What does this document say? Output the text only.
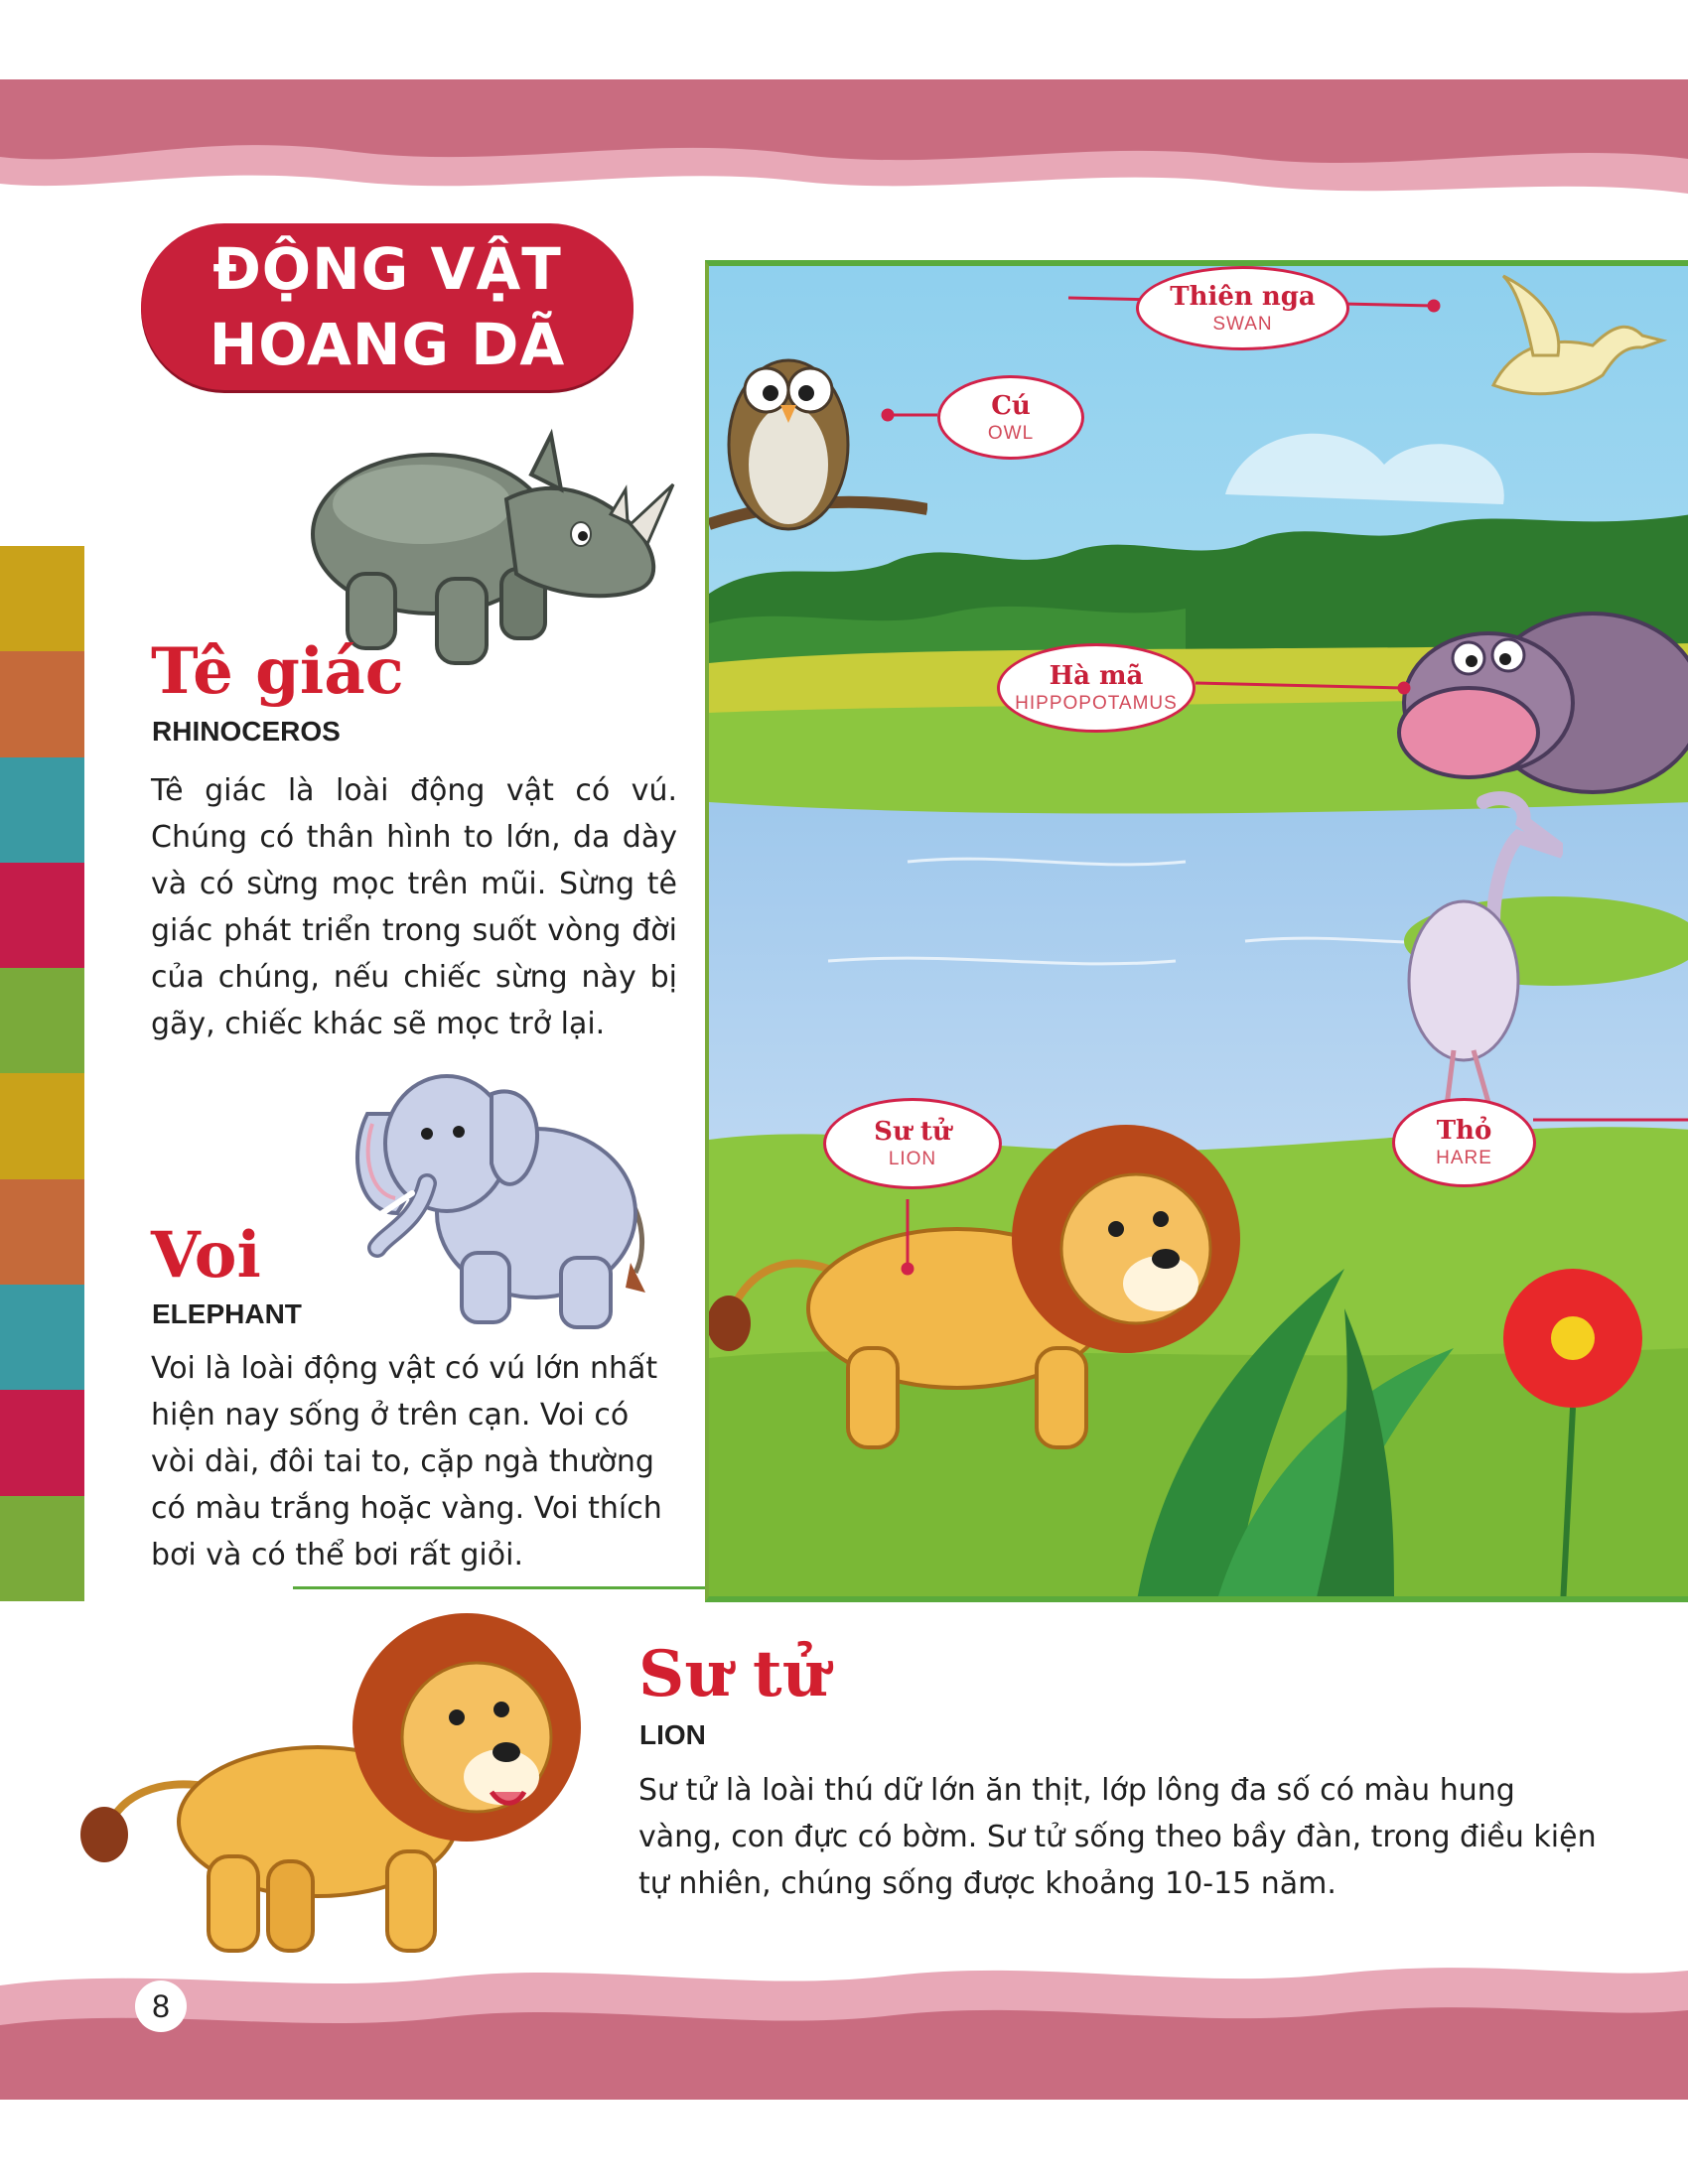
8
ĐỘNG VẬT
HOANG DÃ
Tê giác
RHINOCEROS

Tê giác là loài động vật có vú. Chúng có thân hình to lớn, da dày và có sừng mọc trên mũi. Sừng tê giác phát triển trong suốt vòng đời của chúng, nếu chiếc sừng này bị gãy, chiếc khác sẽ mọc trở lại.

Voi
ELEPHANT

Voi là loài động vật có vú lớn nhất hiện nay sống ở trên cạn. Voi có vòi dài, đôi tai to, cặp ngà thường có màu trắng hoặc vàng. Voi thích bơi và có thể bơi rất giỏi.

Thiên nga
SWAN
Cú
OWL
Hà mã
HIPPOPOTAMUS
Sư tử
LION
Thỏ
HARE
Sư tử
LION

Sư tử là loài thú dữ lớn ăn thịt, lớp lông đa số có màu hung vàng, con đực có bờm. Sư tử sống theo bầy đàn, trong điều kiện tự nhiên, chúng sống được khoảng 10-15 năm.
